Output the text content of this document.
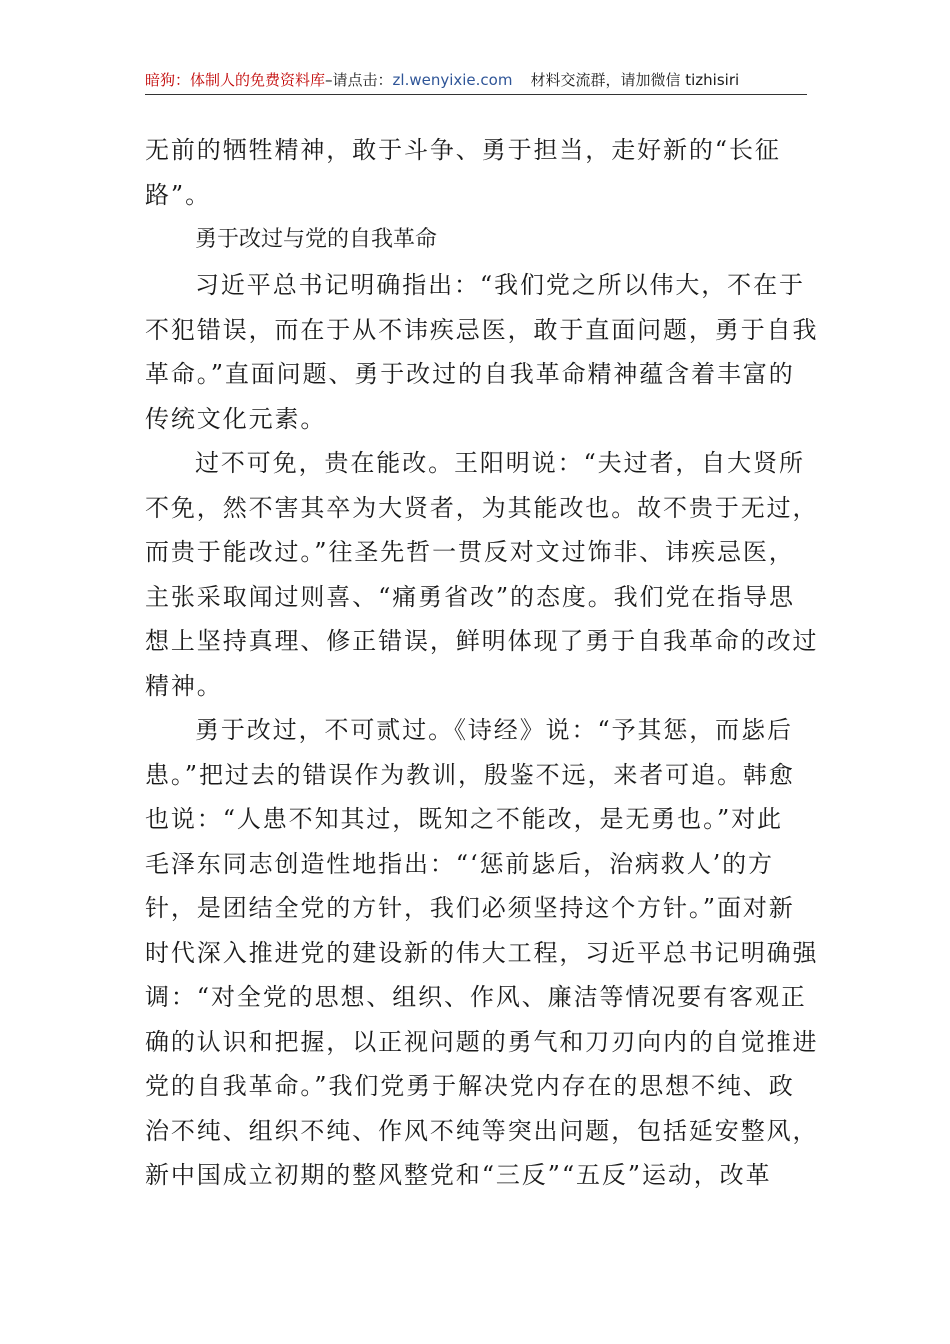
暗狗：体制人的免费资料库–请点击：zl.wenyixie.com 材料交流群，请加微信 tizhisiri
无前的牺牲精神，敢于斗争、勇于担当，走好新的“长征
路”。
勇于改过与党的自我革命
习近平总书记明确指出：“我们党之所以伟大，不在于
不犯错误，而在于从不讳疾忌医，敢于直面问题，勇于自我
革命。”直面问题、勇于改过的自我革命精神蕴含着丰富的
传统文化元素。
过不可免，贵在能改。王阳明说：“夫过者，自大贤所
不免，然不害其卒为大贤者，为其能改也。故不贵于无过，
而贵于能改过。”往圣先哲一贯反对文过饰非、讳疾忌医，
主张采取闻过则喜、“痛勇省改”的态度。我们党在指导思
想上坚持真理、修正错误，鲜明体现了勇于自我革命的改过
精神。
勇于改过，不可贰过。《诗经》说：“予其惩，而毖后
患。”把过去的错误作为教训，殷鉴不远，来者可追。韩愈
也说：“人患不知其过，既知之不能改，是无勇也。”对此
毛泽东同志创造性地指出：“‘惩前毖后，治病救人’的方
针，是团结全党的方针，我们必须坚持这个方针。”面对新
时代深入推进党的建设新的伟大工程，习近平总书记明确强
调：“对全党的思想、组织、作风、廉洁等情况要有客观正
确的认识和把握，以正视问题的勇气和刀刃向内的自觉推进
党的自我革命。”我们党勇于解决党内存在的思想不纯、政
治不纯、组织不纯、作风不纯等突出问题，包括延安整风，
新中国成立初期的整风整党和“三反”“五反”运动，改革
